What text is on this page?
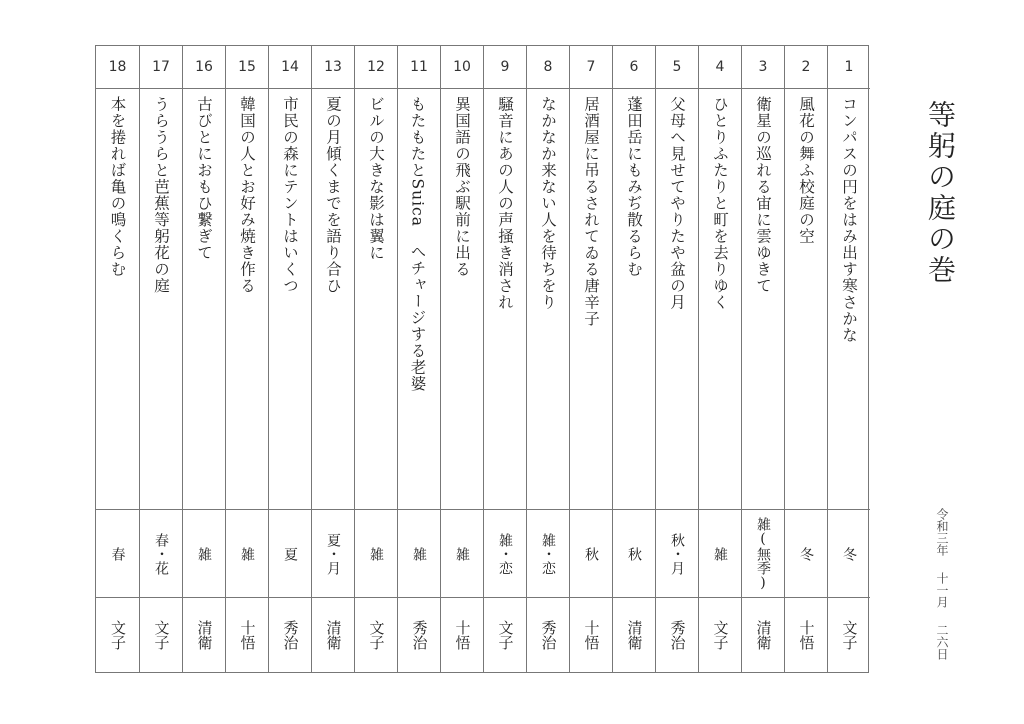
1
コンパスの円をはみ出す寒さかな
冬
文子
2
風花の舞ふ校庭の空
冬
十悟
3
衛星の巡れる宙に雲ゆきて
雑(無季)
清衛
4
ひとりふたりと町を去りゆく
雑
文子
5
父母へ見せてやりたや盆の月
秋・月
秀治
6
蓬田岳にもみぢ散るらむ
秋
清衛
7
居酒屋に吊るされてゐる唐辛子
秋
十悟
8
なかなか来ない人を待ちをり
雑・恋
秀治
9
騒音にあの人の声掻き消され
雑・恋
文子
10
異国語の飛ぶ駅前に出る
雑
十悟
11
もたもたとSuica　へチャージする老婆
雑
秀治
12
ビルの大きな影は翼に
雑
文子
13
夏の月傾くまでを語り合ひ
夏・月
清衛
14
市民の森にテントはいくつ
夏
秀治
15
韓国の人とお好み焼き作る
雑
十悟
16
古びとにおもひ繋ぎて
雑
清衛
17
うらうらと芭蕉等躬花の庭
春・花
文子
18
本を捲れば亀の鳴くらむ
春
文子
等躬の庭の巻
令和三年
十一月
二六日
